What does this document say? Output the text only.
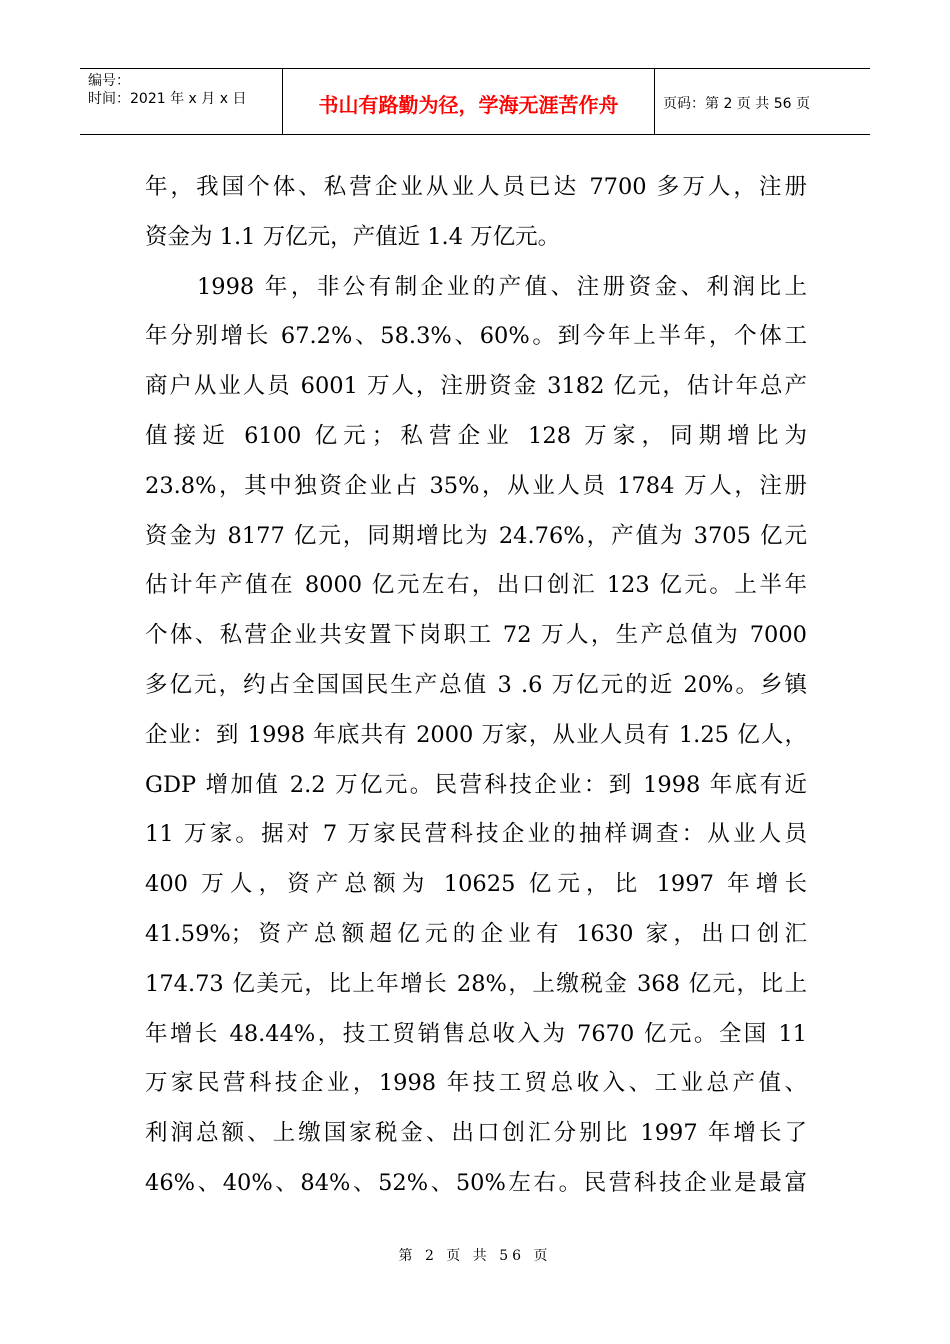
编号：
时间：2021 年 x 月 x 日	书山有路勤为径，学海无涯苦作舟	页码：第 2 页 共 56 页
年，我国个体、私营企业从业人员已达 7700 多万人，注册
资金为 1.1 万亿元，产值近 1.4 万亿元。
　　1998 年，非公有制企业的产值、注册资金、利润比上
年分别增长 67.2%、58.3%、60%。到今年上半年，个体工
商户从业人员 6001 万人，注册资金 3182 亿元，估计年总产
值接近 6100 亿元；私营企业 128 万家，同期增比为
23.8%，其中独资企业占 35%，从业人员 1784 万人，注册
资金为 8177 亿元，同期增比为 24.76%，产值为 3705 亿元
估计年产值在 8000 亿元左右，出口创汇 123 亿元。上半年
个体、私营企业共安置下岗职工 72 万人，生产总值为 7000
多亿元，约占全国国民生产总值 3 .6 万亿元的近 20%。乡镇
企业：到 1998 年底共有 2000 万家，从业人员有 1.25 亿人，
GDP 增加值 2.2 万亿元。民营科技企业：到 1998 年底有近
11 万家。据对 7 万家民营科技企业的抽样调查：从业人员
400 万人，资产总额为 10625 亿元，比 1997 年增长
41.59%；资产总额超亿元的企业有 1630 家，出口创汇
174.73 亿美元，比上年增长 28%，上缴税金 368 亿元，比上
年增长 48.44%，技工贸销售总收入为 7670 亿元。全国 11
万家民营科技企业，1998 年技工贸总收入、工业总产值、
利润总额、上缴国家税金、出口创汇分别比 1997 年增长了
46%、40%、84%、52%、50%左右。民营科技企业是最富
第 2 页 共 56 页
